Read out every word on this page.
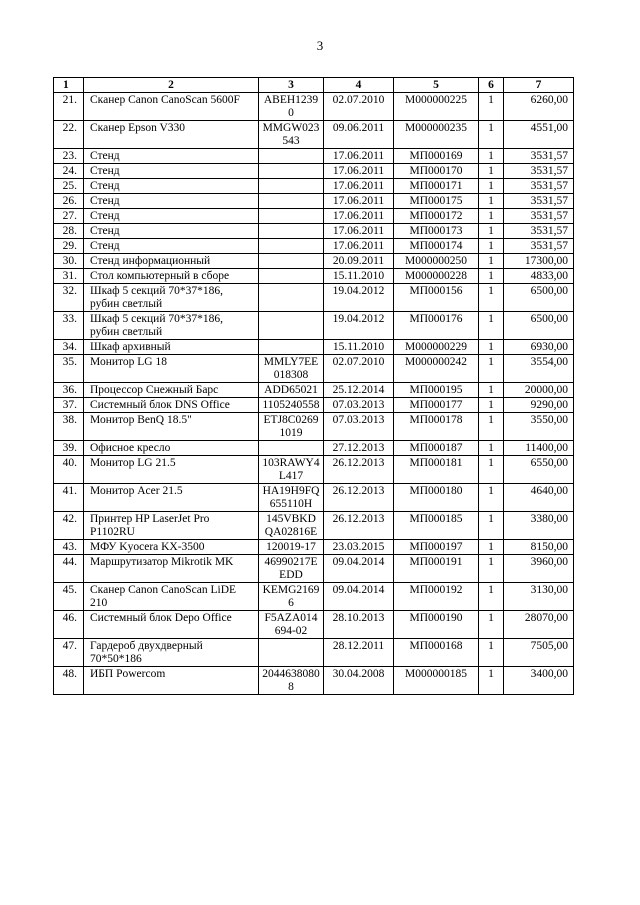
3
1	2	3	4	5	6	7
21.	Сканер Canon CanoScan 5600F	ABEH12390	02.07.2010	М000000225	1	6260,00
22.	Сканер Epson V330	MMGW023543	09.06.2011	М000000235	1	4551,00
23.	Стенд		17.06.2011	МП000169	1	3531,57
24.	Стенд		17.06.2011	МП000170	1	3531,57
25.	Стенд		17.06.2011	МП000171	1	3531,57
26.	Стенд		17.06.2011	МП000175	1	3531,57
27.	Стенд		17.06.2011	МП000172	1	3531,57
28.	Стенд		17.06.2011	МП000173	1	3531,57
29.	Стенд		17.06.2011	МП000174	1	3531,57
30.	Стенд информационный		20.09.2011	М000000250	1	17300,00
31.	Стол компьютерный в сборе		15.11.2010	М000000228	1	4833,00
32.	Шкаф 5 секций 70*37*186, рубин светлый		19.04.2012	МП000156	1	6500,00
33.	Шкаф 5 секций 70*37*186, рубин светлый		19.04.2012	МП000176	1	6500,00
34.	Шкаф архивный		15.11.2010	М000000229	1	6930,00
35.	Монитор LG 18	MMLY7EE018308	02.07.2010	М000000242	1	3554,00
36.	Процессор Снежный Барс	ADD65021	25.12.2014	МП000195	1	20000,00
37.	Системный блок DNS Office	1105240558	07.03.2013	МП000177	1	9290,00
38.	Монитор BenQ 18.5"	ETJ8C02691019	07.03.2013	МП000178	1	3550,00
39.	Офисное кресло		27.12.2013	МП000187	1	11400,00
40.	Монитор LG 21.5	103RAWY4L417	26.12.2013	МП000181	1	6550,00
41.	Монитор Acer 21.5	HA19H9FQ655110H	26.12.2013	МП000180	1	4640,00
42.	Принтер HP LaserJet Pro P1102RU	145VBKDQA02816E	26.12.2013	МП000185	1	3380,00
43.	МФУ Kyocera KX-3500	120019-17	23.03.2015	МП000197	1	8150,00
44.	Маршрутизатор Mikrotik MK	46990217EEDD	09.04.2014	МП000191	1	3960,00
45.	Сканер Canon CanoScan LiDE 210	KEMG21696	09.04.2014	МП000192	1	3130,00
46.	Системный блок Depo Office	F5AZA014694-02	28.10.2013	МП000190	1	28070,00
47.	Гардероб двухдверный 70*50*186		28.12.2011	МП000168	1	7505,00
48.	ИБП Powercom	20446380808	30.04.2008	М000000185	1	3400,00
